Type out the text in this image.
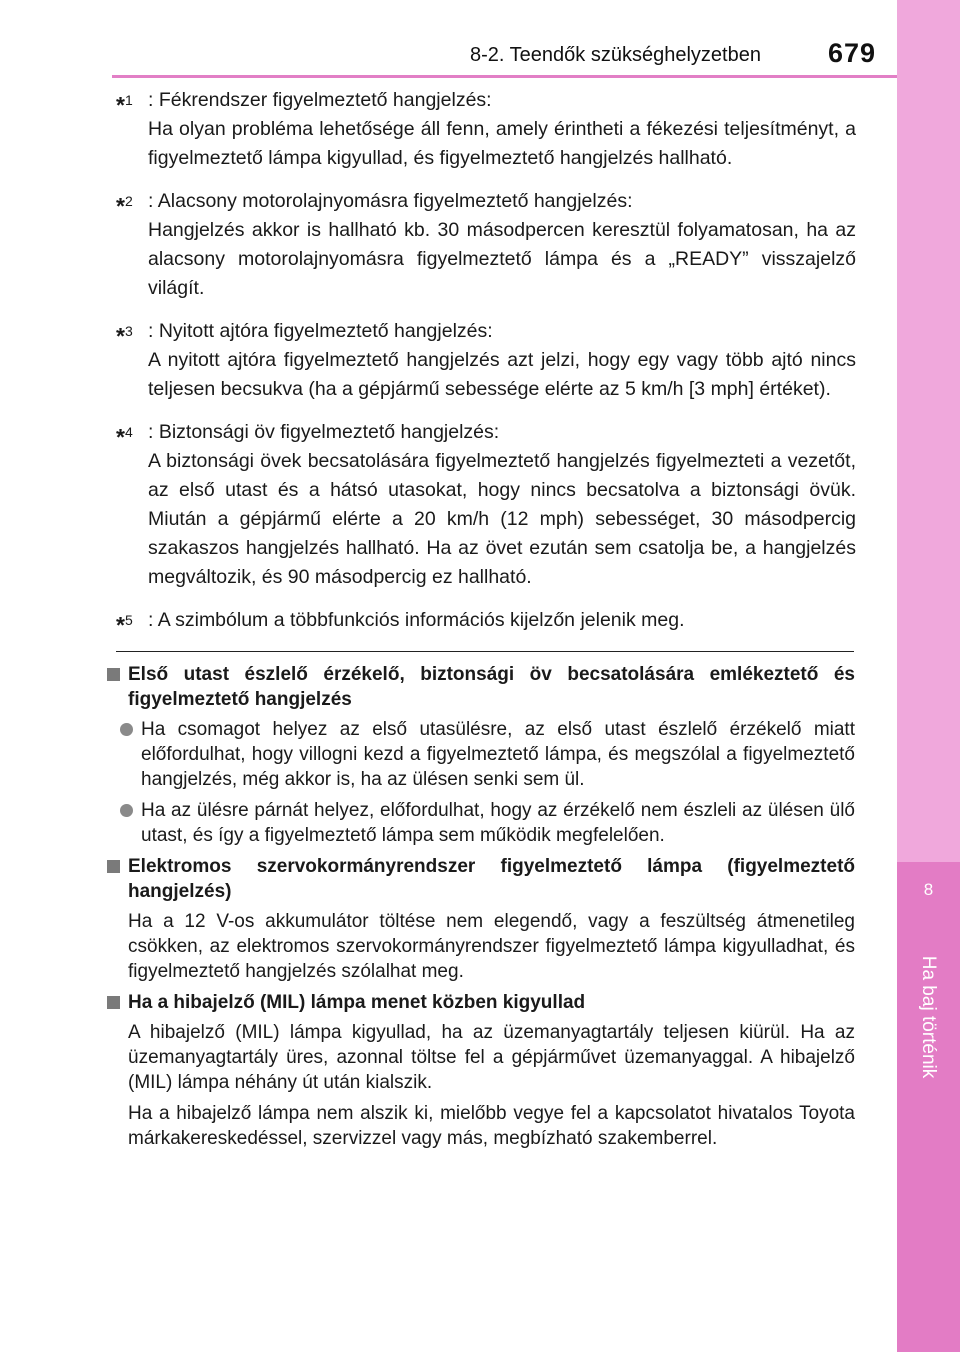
8
Ha baj történik
8-2. Teendők szükséghelyzetben 679
*$^1$ : Fékrendszer figyelmeztető hangjelzés:

Ha olyan probléma lehetősége áll fenn, amely érintheti a fékezési teljesítményt, a figyelmeztető lámpa kigyullad, és figyelmeztető hangjelzés hallható.

*$^2$ : Alacsony motorolajnyomásra figyelmeztető hangjelzés:

Hangjelzés akkor is hallható kb. 30 másodpercen keresztül folyamatosan, ha az alacsony motorolajnyomásra figyelmeztető lámpa és a „READY” visszajelző világít.

*$^3$ : Nyitott ajtóra figyelmeztető hangjelzés:

A nyitott ajtóra figyelmeztető hangjelzés azt jelzi, hogy egy vagy több ajtó nincs teljesen becsukva (ha a gépjármű sebessége elérte az 5 km/h [3 mph] értéket).

*$^4$ : Biztonsági öv figyelmeztető hangjelzés:

A biztonsági övek becsatolására figyelmeztető hangjelzés figyelmezteti a vezetőt, az első utast és a hátsó utasokat, hogy nincs becsatolva a biztonsági övük. Miután a gépjármű elérte a 20 km/h (12 mph) sebességet, 30 másodpercig szakaszos hangjelzés hallható. Ha az övet ezután sem csatolja be, a hangjelzés megváltozik, és 90 másodpercig ez hallható.

*$^5$ : A szimbólum a többfunkciós információs kijelzőn jelenik meg.

Első utast észlelő érzékelő, biztonsági öv becsatolására emlékeztető és figyelmeztető hangjelzés

Ha csomagot helyez az első utasülésre, az első utast észlelő érzékelő miatt előfordulhat, hogy villogni kezd a figyelmeztető lámpa, és megszólal a figyelmeztető hangjelzés, még akkor is, ha az ülésen senki sem ül.

Ha az ülésre párnát helyez, előfordulhat, hogy az érzékelő nem észleli az ülésen ülő utast, és így a figyelmeztető lámpa sem működik megfelelően.

Elektromos szervokormányrendszer figyelmeztető lámpa (figyelmeztető hangjelzés)

Ha a 12 V-os akkumulátor töltése nem elegendő, vagy a feszültség átmenetileg csökken, az elektromos szervokormányrendszer figyelmeztető lámpa kigyulladhat, és figyelmeztető hangjelzés szólalhat meg.

Ha a hibajelző (MIL) lámpa menet közben kigyullad

A hibajelző (MIL) lámpa kigyullad, ha az üzemanyagtartály teljesen kiürül. Ha az üzemanyagtartály üres, azonnal töltse fel a gépjárművet üzemanyaggal. A hibajelző (MIL) lámpa néhány út után kialszik.

Ha a hibajelző lámpa nem alszik ki, mielőbb vegye fel a kapcsolatot hivatalos Toyota márkakereskedéssel, szervizzel vagy más, megbízható szakemberrel.
